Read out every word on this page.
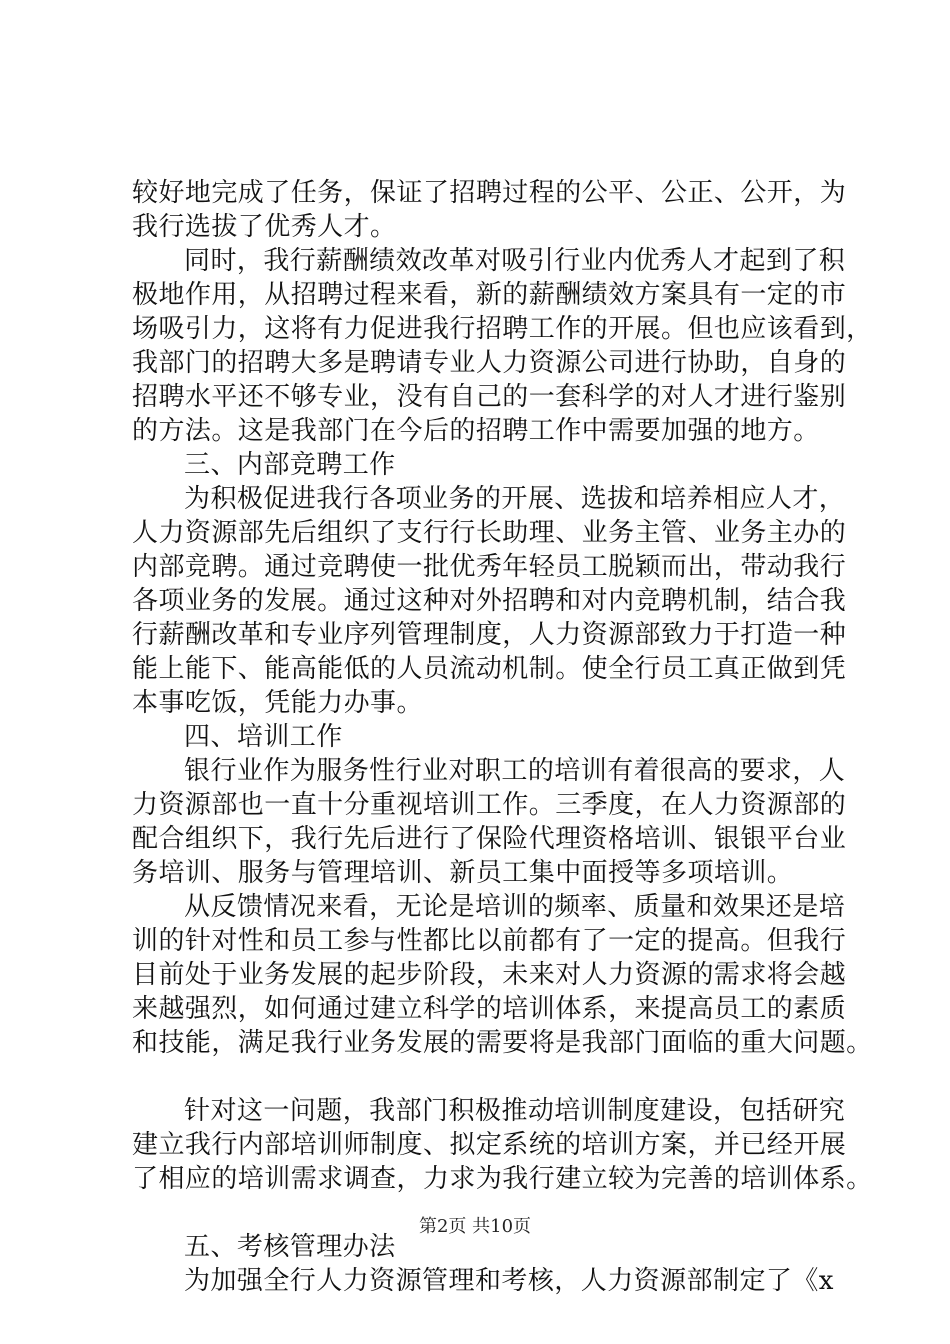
较好地完成了任务，保证了招聘过程的公平、公正、公开，为
我行选拔了优秀人才。
同时，我行薪酬绩效改革对吸引行业内优秀人才起到了积
极地作用，从招聘过程来看，新的薪酬绩效方案具有一定的市
场吸引力，这将有力促进我行招聘工作的开展。但也应该看到，
我部门的招聘大多是聘请专业人力资源公司进行协助，自身的
招聘水平还不够专业，没有自己的一套科学的对人才进行鉴别
的方法。这是我部门在今后的招聘工作中需要加强的地方。
三、内部竞聘工作
为积极促进我行各项业务的开展、选拔和培养相应人才，
人力资源部先后组织了支行行长助理、业务主管、业务主办的
内部竞聘。通过竞聘使一批优秀年轻员工脱颖而出，带动我行
各项业务的发展。通过这种对外招聘和对内竞聘机制，结合我
行薪酬改革和专业序列管理制度，人力资源部致力于打造一种
能上能下、能高能低的人员流动机制。使全行员工真正做到凭
本事吃饭，凭能力办事。
四、培训工作
银行业作为服务性行业对职工的培训有着很高的要求，人
力资源部也一直十分重视培训工作。三季度，在人力资源部的
配合组织下，我行先后进行了保险代理资格培训、银银平台业
务培训、服务与管理培训、新员工集中面授等多项培训。
从反馈情况来看，无论是培训的频率、质量和效果还是培
训的针对性和员工参与性都比以前都有了一定的提高。但我行
目前处于业务发展的起步阶段，未来对人力资源的需求将会越
来越强烈，如何通过建立科学的培训体系，来提高员工的素质
和技能，满足我行业务发展的需要将是我部门面临的重大问题。
针对这一问题，我部门积极推动培训制度建设，包括研究
建立我行内部培训师制度、拟定系统的培训方案，并已经开展
了相应的培训需求调查，力求为我行建立较为完善的培训体系。
五、考核管理办法
为加强全行人力资源管理和考核，人力资源部制定了《x
第2页 共10页
